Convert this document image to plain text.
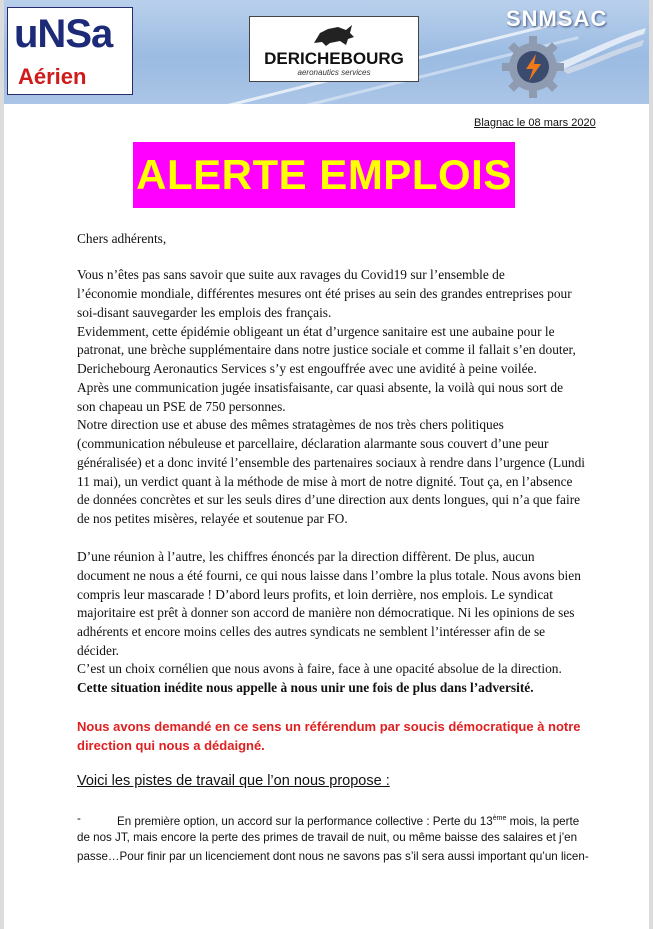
uNSa
Aérien
DERICHEBOURG
aeronautics services
SNMSAC
Blagnac le 08 mars 2020
ALERTE EMPLOIS
Chers adhérents,
Vous n’êtes pas sans savoir que suite aux ravages du Covid19 sur l’ensemble de
l’économie mondiale, différentes mesures ont été prises au sein des grandes entreprises pour
soi-disant sauvegarder les emplois des français.
Evidemment, cette épidémie obligeant un état d’urgence sanitaire est une aubaine pour le
patronat, une brèche supplémentaire dans notre justice sociale et comme il fallait s’en douter,
Derichebourg Aeronautics Services s’y est engouffrée avec une avidité à peine voilée.
Après une communication jugée insatisfaisante, car quasi absente, la voilà qui nous sort de
son chapeau un PSE de 750 personnes.
Notre direction use et abuse des mêmes stratagèmes de nos très chers politiques
(communication nébuleuse et parcellaire, déclaration alarmante sous couvert d’une peur
généralisée) et a donc invité l’ensemble des partenaires sociaux à rendre dans l’urgence (Lundi
11 mai), un verdict quant à la méthode de mise à mort de notre dignité. Tout ça, en l’absence
de données concrètes et sur les seuls dires d’une direction aux dents longues, qui n’a que faire
de nos petites misères, relayée et soutenue par FO.
D’une réunion à l’autre, les chiffres énoncés par la direction diffèrent. De plus, aucun
document ne nous a été fourni, ce qui nous laisse dans l’ombre la plus totale. Nous avons bien
compris leur mascarade ! D’abord leurs profits, et loin derrière, nos emplois. Le syndicat
majoritaire est prêt à donner son accord de manière non démocratique. Ni les opinions de ses
adhérents et encore moins celles des autres syndicats ne semblent l’intéresser afin de se
décider.
C’est un choix cornélien que nous avons à faire, face à une opacité absolue de la direction.
Cette situation inédite nous appelle à nous unir une fois de plus dans l’adversité.
Nous avons demandé en ce sens un référendum par soucis démocratique à notre
direction qui nous a dédaigné.
Voici les pistes de travail que l’on nous propose :
-	En première option, un accord sur la performance collective : Perte du 13ème mois, la perte
de nos JT, mais encore la perte des primes de travail de nuit, ou même baisse des salaires et j’en
passe…Pour finir par un licenciement dont nous ne savons pas s’il sera aussi important qu’un licen-
